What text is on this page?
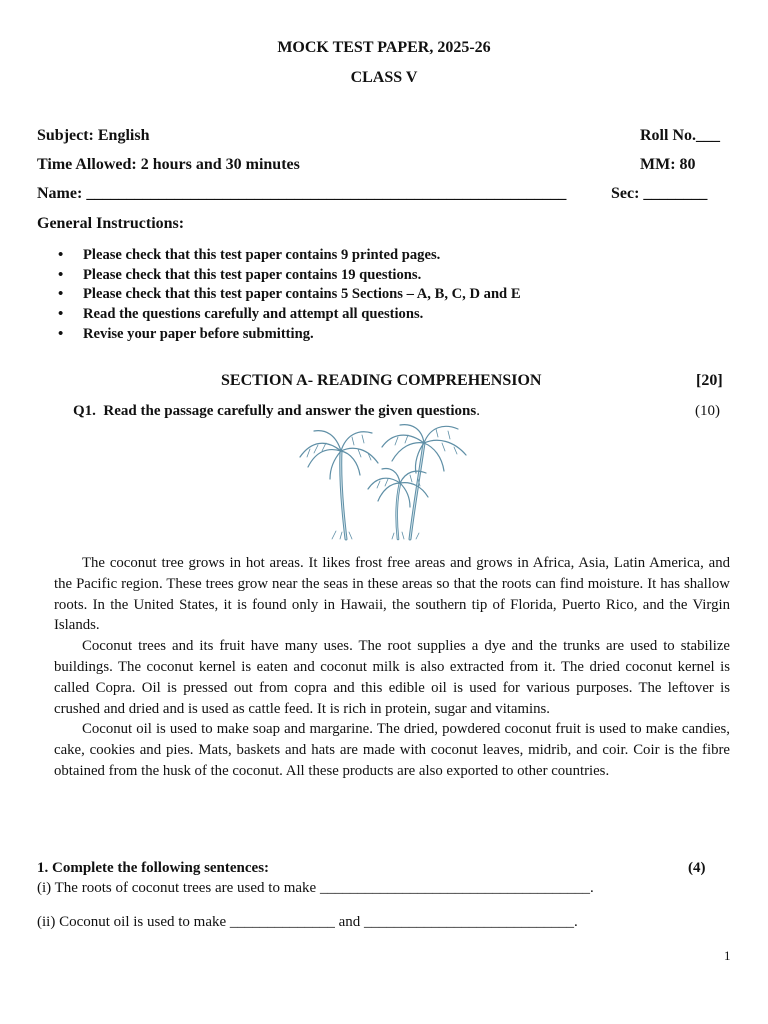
MOCK TEST PAPER, 2025-26
CLASS V
Subject: English	Roll No.___
Time Allowed: 2 hours and 30 minutes	MM: 80
Name: ____________________________________________________________	Sec: ________
General Instructions:
• Please check that this test paper contains 9 printed pages.
• Please check that this test paper contains 19 questions.
• Please check that this test paper contains 5 Sections – A, B, C, D and E
• Read the questions carefully and attempt all questions.
• Revise your paper before submitting.
SECTION A- READING COMPREHENSION	[20]
Q1. Read the passage carefully and answer the given questions.	(10)

The coconut tree grows in hot areas. It likes frost free areas and grows in Africa, Asia, Latin America, and the Pacific region. These trees grow near the seas in these areas so that the roots can find moisture. It has shallow roots. In the United States, it is found only in Hawaii, the southern tip of Florida, Puerto Rico, and the Virgin Islands.

Coconut trees and its fruit have many uses. The root supplies a dye and the trunks are used to stabilize buildings. The coconut kernel is eaten and coconut milk is also extracted from it. The dried coconut kernel is called Copra. Oil is pressed out from copra and this edible oil is used for various purposes. The leftover is crushed and dried and is used as cattle feed. It is rich in protein, sugar and vitamins.

Coconut oil is used to make soap and margarine. The dried, powdered coconut fruit is used to make candies, cake, cookies and pies. Mats, baskets and hats are made with coconut leaves, midrib, and coir. Coir is the fibre obtained from the husk of the coconut. All these products are also exported to other countries.

1. Complete the following sentences:	(4)
(i) The roots of coconut trees are used to make ____________________________________.
(ii) Coconut oil is used to make ______________ and ____________________________.
1
